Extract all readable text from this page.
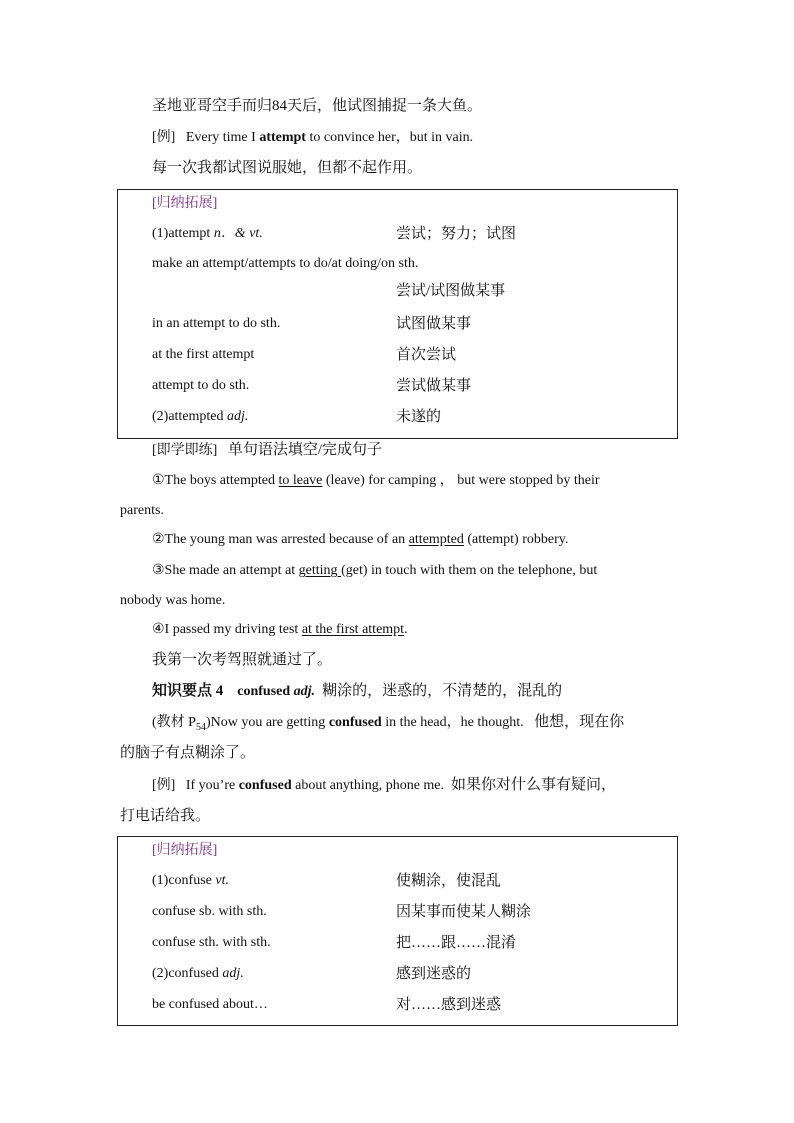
圣地亚哥空手而归84天后，他试图捕捉一条大鱼。
[例] Every time I attempt to convince her，but in vain.
每一次我都试图说服她，但都不起作用。
[归纳拓展]
(1)attempt n．& vt.	尝试；努力；试图
make an attempt/attempts to do/at doing/on sth.
尝试/试图做某事
in an attempt to do sth.	试图做某事
at the first attempt	首次尝试
attempt to do sth.	尝试做某事
(2)attempted adj.	未遂的
[即学即练] 单句语法填空/完成句子
①The boys attempted to leave (leave) for camping ， but were stopped by their
parents.
②The young man was arrested because of an attempted (attempt) robbery.
③She made an attempt at getting (get) in touch with them on the telephone, but
nobody was home.
④I passed my driving test at the first attempt.
我第一次考驾照就通过了。
知识要点 4 confused adj. 糊涂的，迷惑的，不清楚的，混乱的
(教材 $P_{54})Now$ you are getting confused in the head，he thought. 他想，现在你
的脑子有点糊涂了。
[例] If you’re confused about anything, phone me. 如果你对什么事有疑问，
打电话给我。
[归纳拓展]
(1)confuse vt.	使糊涂，使混乱
confuse sb. with sth.	因某事而使某人糊涂
confuse sth. with sth.	把……跟……混淆
(2)confused adj.	感到迷惑的
be confused about…	对……感到迷惑
